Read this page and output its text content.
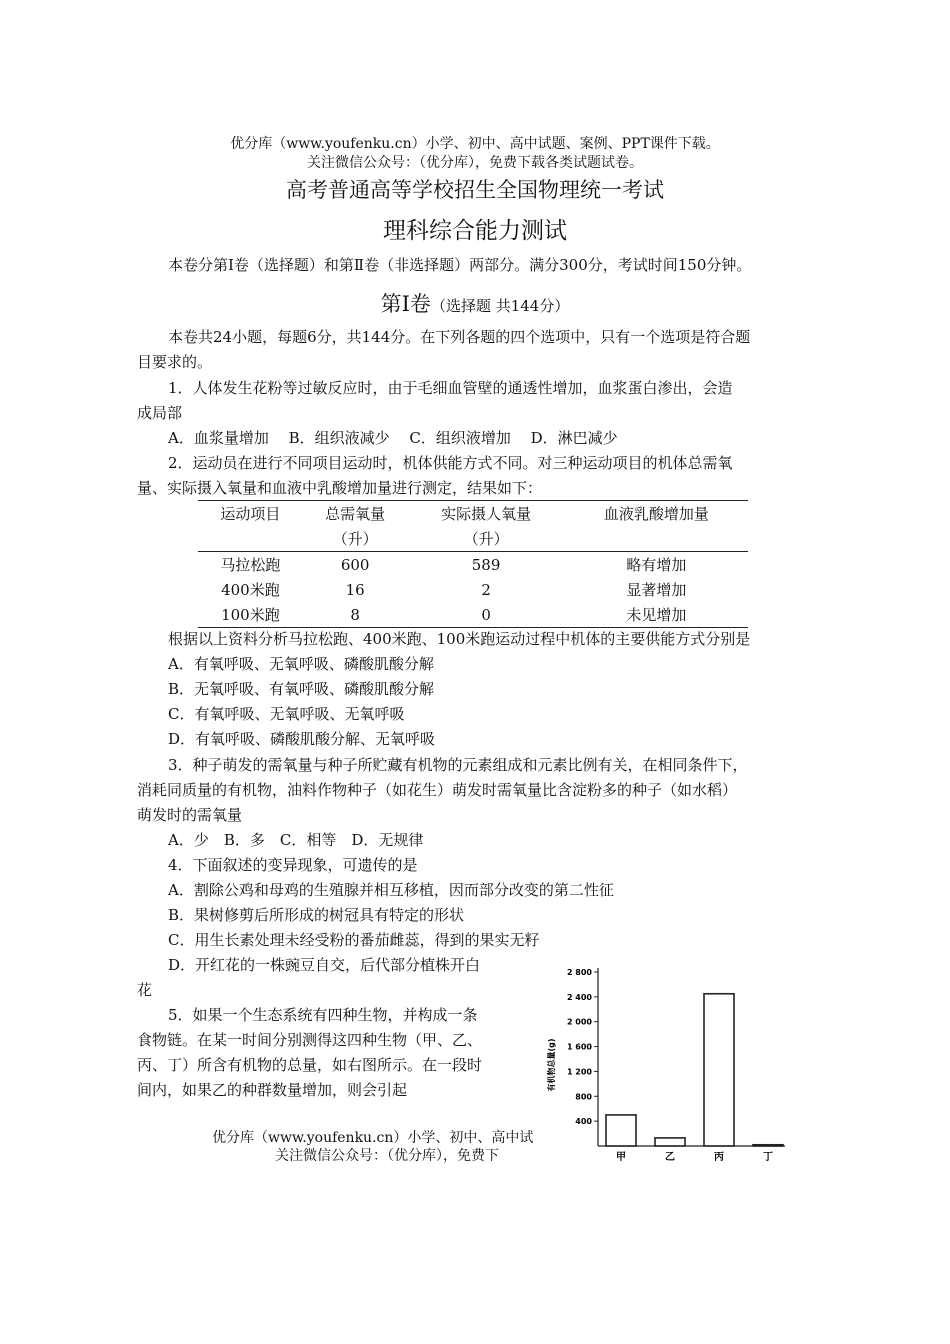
优分库（www.youfenku.cn）小学、初中、高中试题、案例、PPT课件下载。
关注微信公众号：（优分库），免费下载各类试题试卷。
高考普通高等学校招生全国物理统一考试
理科综合能力测试
本卷分第Ⅰ卷（选择题）和第Ⅱ卷（非选择题）两部分。满分300分，考试时间150分钟。
第Ⅰ卷（选择题 共144分）
本卷共24小题，每题6分，共144分。在下列各题的四个选项中，只有一个选项是符合题
目要求的。
1．人体发生花粉等过敏反应时，由于毛细血管壁的通透性增加，血浆蛋白渗出，会造
成局部
A．血浆量增加　 B．组织液减少　 C．组织液增加　 D．淋巴减少
2．运动员在进行不同项目运动时，机体供能方式不同。对三种运动项目的机体总需氧
量、实际摄入氧量和血液中乳酸增加量进行测定，结果如下：
运动项目	总需氧量	实际摄人氧量	血液乳酸增加量
	（升）	（升）	
马拉松跑	600	589	略有增加
400米跑	16	2	显著增加
100米跑	8	0	未见增加
根据以上资料分析马拉松跑、400米跑、100米跑运动过程中机体的主要供能方式分别是
A．有氧呼吸、无氧呼吸、磷酸肌酸分解
B．无氧呼吸、有氧呼吸、磷酸肌酸分解
C．有氧呼吸、无氧呼吸、无氧呼吸
D．有氧呼吸、磷酸肌酸分解、无氧呼吸
3．种子萌发的需氧量与种子所贮藏有机物的元素组成和元素比例有关，在相同条件下，
消耗同质量的有机物，油料作物种子（如花生）萌发时需氧量比含淀粉多的种子（如水稻）
萌发时的需氧量
A．少　B．多　C．相等　D．无规律
4．下面叙述的变异现象，可遗传的是
A．割除公鸡和母鸡的生殖腺并相互移植，因而部分改变的第二性征
B．果树修剪后所形成的树冠具有特定的形状
C．用生长素处理未经受粉的番茄雌蕊，得到的果实无籽
D．开红花的一株豌豆自交，后代部分植株开白
花
5．如果一个生态系统有四种生物，并构成一条
食物链。在某一时间分别测得这四种生物（甲、乙、
丙、丁）所含有机物的总量，如右图所示。在一段时
间内，如果乙的种群数量增加，则会引起
400
800
1 200
1 600
2 000
2 400
2 800
有机物总量(g)
甲	乙	丙	丁
优分库（www.youfenku.cn）小学、初中、高中试
关注微信公众号：（优分库），免费下
